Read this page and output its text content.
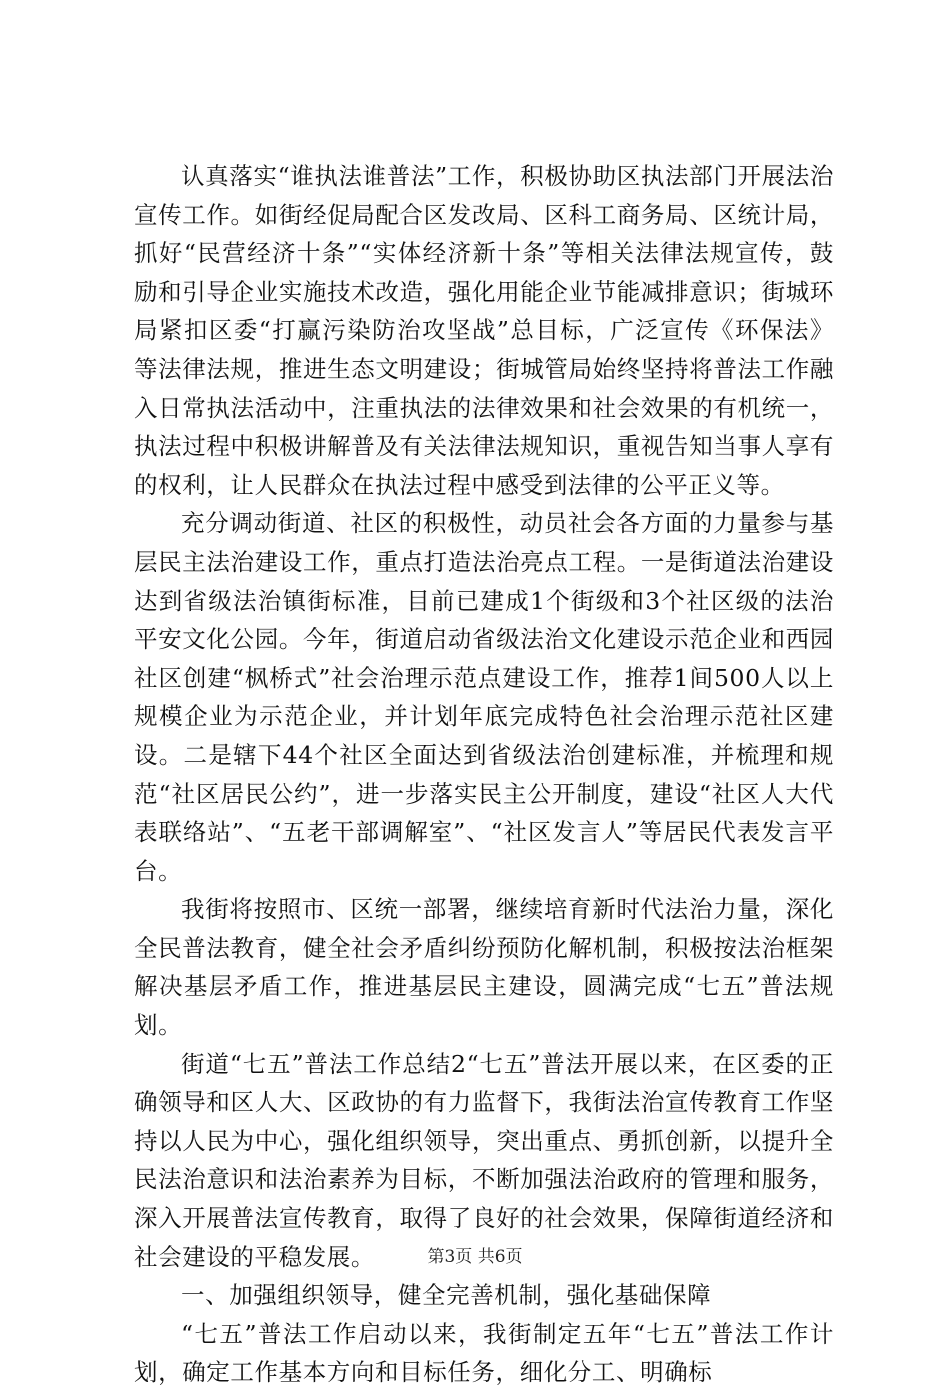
认真落实“谁执法谁普法”工作，积极协助区执法部门开展法治宣传工作。如街经促局配合区发改局、区科工商务局、区统计局，抓好“民营经济十条”“实体经济新十条”等相关法律法规宣传，鼓励和引导企业实施技术改造，强化用能企业节能减排意识；街城环局紧扣区委“打赢污染防治攻坚战”总目标，广泛宣传《环保法》等法律法规，推进生态文明建设；街城管局始终坚持将普法工作融入日常执法活动中，注重执法的法律效果和社会效果的有机统一，执法过程中积极讲解普及有关法律法规知识，重视告知当事人享有的权利，让人民群众在执法过程中感受到法律的公平正义等。

充分调动街道、社区的积极性，动员社会各方面的力量参与基层民主法治建设工作，重点打造法治亮点工程。一是街道法治建设达到省级法治镇街标准，目前已建成1个街级和3个社区级的法治平安文化公园。今年，街道启动省级法治文化建设示范企业和西园社区创建“枫桥式”社会治理示范点建设工作，推荐1间500人以上规模企业为示范企业，并计划年底完成特色社会治理示范社区建设。二是辖下44个社区全面达到省级法治创建标准，并梳理和规范“社区居民公约”，进一步落实民主公开制度，建设“社区人大代表联络站”、“五老干部调解室”、“社区发言人”等居民代表发言平台。

我街将按照市、区统一部署，继续培育新时代法治力量，深化全民普法教育，健全社会矛盾纠纷预防化解机制，积极按法治框架解决基层矛盾工作，推进基层民主建设，圆满完成“七五”普法规划。

街道“七五”普法工作总结2“七五”普法开展以来，在区委的正确领导和区人大、区政协的有力监督下，我街法治宣传教育工作坚持以人民为中心，强化组织领导，突出重点、勇抓创新，以提升全民法治意识和法治素养为目标，不断加强法治政府的管理和服务，深入开展普法宣传教育，取得了良好的社会效果，保障街道经济和社会建设的平稳发展。

一、加强组织领导，健全完善机制，强化基础保障

“七五”普法工作启动以来，我街制定五年“七五”普法工作计划，确定工作基本方向和目标任务，细化分工、明确标

第3页 共6页
